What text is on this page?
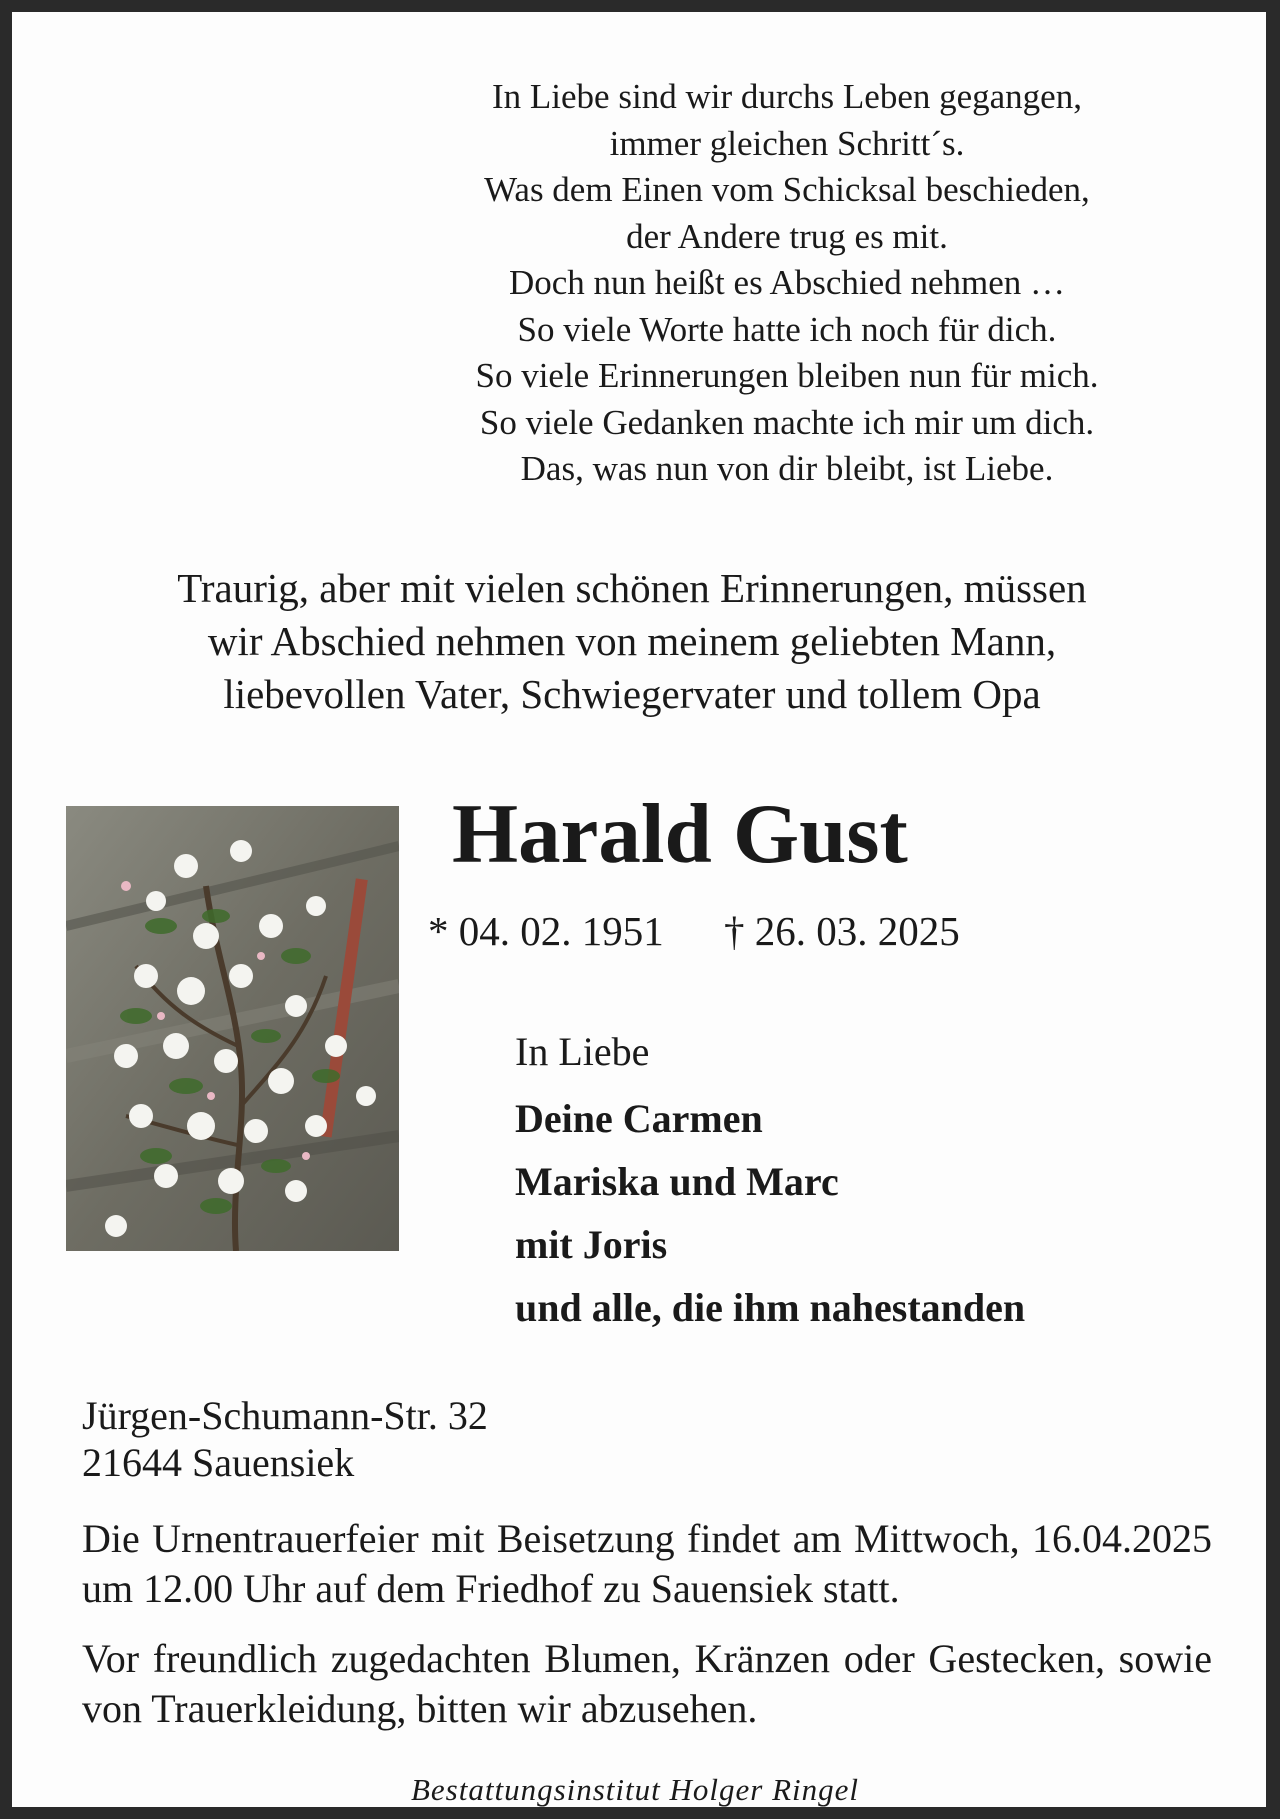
In Liebe sind wir durchs Leben gegangen,
immer gleichen Schritt´s.
Was dem Einen vom Schicksal beschieden,
der Andere trug es mit.
Doch nun heißt es Abschied nehmen …
So viele Worte hatte ich noch für dich.
So viele Erinnerungen bleiben nun für mich.
So viele Gedanken machte ich mir um dich.
Das, was nun von dir bleibt, ist Liebe.
Traurig, aber mit vielen schönen Erinnerungen, müssen
wir Abschied nehmen von meinem geliebten Mann,
liebevollen Vater, Schwiegervater und tollem Opa
Harald Gust
* 04. 02. 1951 † 26. 03. 2025
In Liebe
Deine Carmen
Mariska und Marc
mit Joris
und alle, die ihm nahestanden
Jürgen-Schumann-Str. 32
21644 Sauensiek
Die Urnentrauerfeier mit Beisetzung findet am Mittwoch, 16.04.2025 um 12.00 Uhr auf dem Friedhof zu Sauensiek statt.
Vor freundlich zugedachten Blumen, Kränzen oder Gestecken, sowie von Trauerkleidung, bitten wir abzusehen.
Bestattungsinstitut Holger Ringel
